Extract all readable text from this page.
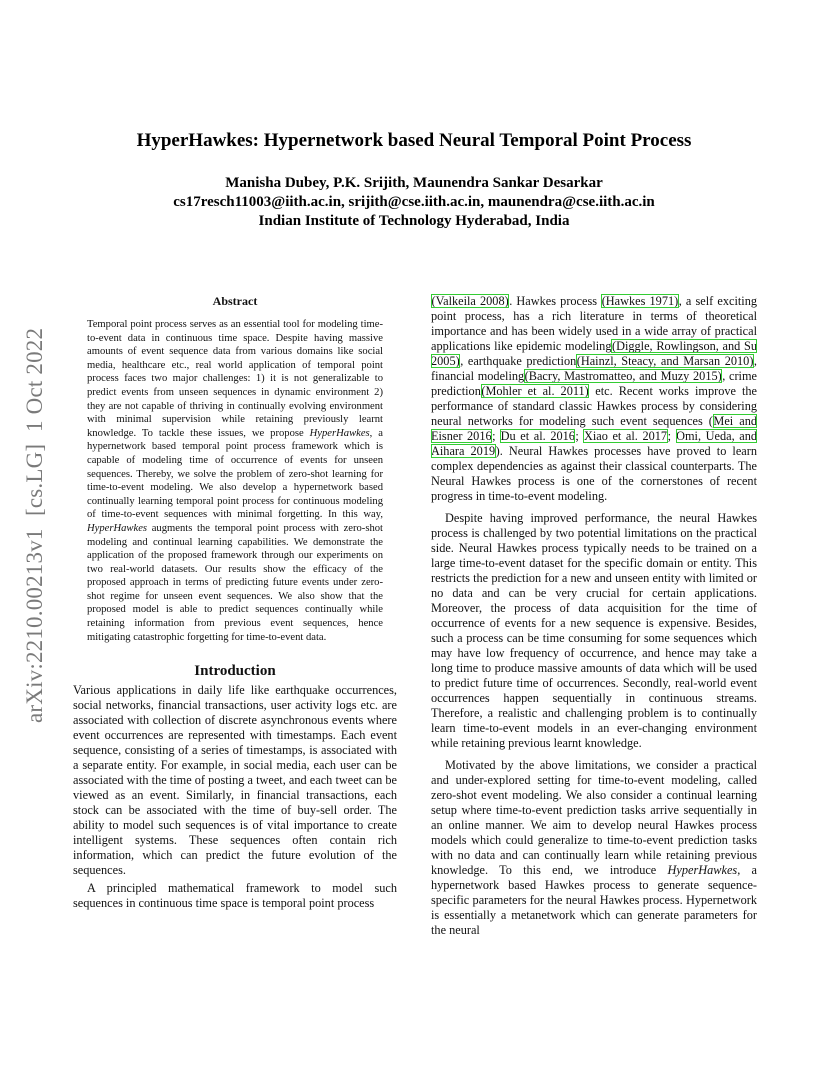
arXiv:2210.00213v1
[cs.LG]
1 Oct 2022
HyperHawkes: Hypernetwork based Neural Temporal Point Process
Manisha Dubey, P.K. Srijith, Maunendra Sankar Desarkar
cs17resch11003@iith.ac.in, srijith@cse.iith.ac.in, maunendra@cse.iith.ac.in
Indian Institute of Technology Hyderabad, India
Abstract
Temporal point process serves as an essential tool for modeling time-to-event data in continuous time space. Despite having massive amounts of event sequence data from various domains like social media, healthcare etc., real world application of temporal point process faces two major challenges: 1) it is not generalizable to predict events from unseen sequences in dynamic environment 2) they are not capable of thriving in continually evolving environment with minimal supervision while retaining previously learnt knowledge. To tackle these issues, we propose HyperHawkes, a hypernetwork based temporal point process framework which is capable of modeling time of occurrence of events for unseen sequences. Thereby, we solve the problem of zero-shot learning for time-to-event modeling. We also develop a hypernetwork based continually learning temporal point process for continuous modeling of time-to-event sequences with minimal forgetting. In this way, HyperHawkes augments the temporal point process with zero-shot modeling and continual learning capabilities. We demonstrate the application of the proposed framework through our experiments on two real-world datasets. Our results show the efficacy of the proposed approach in terms of predicting future events under zero-shot regime for unseen event sequences. We also show that the proposed model is able to predict sequences continually while retaining information from previous event sequences, hence mitigating catastrophic forgetting for time-to-event data.
Introduction

Various applications in daily life like earthquake occurrences, social networks, financial transactions, user activity logs etc. are associated with collection of discrete asynchronous events where event occurrences are represented with timestamps. Each event sequence, consisting of a series of timestamps, is associated with a separate entity. For example, in social media, each user can be associated with the time of posting a tweet, and each tweet can be viewed as an event. Similarly, in financial transactions, each stock can be associated with the time of buy-sell order. The ability to model such sequences is of vital importance to create intelligent systems. These sequences often contain rich information, which can predict the future evolution of the sequences.

A principled mathematical framework to model such sequences in continuous time space is temporal point process

(Valkeila 2008). Hawkes process (Hawkes 1971), a self exciting point process, has a rich literature in terms of theoretical importance and has been widely used in a wide array of practical applications like epidemic modeling(Diggle, Rowlingson, and Su 2005), earthquake prediction(Hainzl, Steacy, and Marsan 2010), financial modeling(Bacry, Mastromatteo, and Muzy 2015), crime prediction(Mohler et al. 2011) etc. Recent works improve the performance of standard classic Hawkes process by considering neural networks for modeling such event sequences (Mei and Eisner 2016; Du et al. 2016; Xiao et al. 2017; Omi, Ueda, and Aihara 2019). Neural Hawkes processes have proved to learn complex dependencies as against their classical counterparts. The Neural Hawkes process is one of the cornerstones of recent progress in time-to-event modeling.

Despite having improved performance, the neural Hawkes process is challenged by two potential limitations on the practical side. Neural Hawkes process typically needs to be trained on a large time-to-event dataset for the specific domain or entity. This restricts the prediction for a new and unseen entity with limited or no data and can be very crucial for certain applications. Moreover, the process of data acquisition for the time of occurrence of events for a new sequence is expensive. Besides, such a process can be time consuming for some sequences which may have low frequency of occurrence, and hence may take a long time to produce massive amounts of data which will be used to predict future time of occurrences. Secondly, real-world event occurrences happen sequentially in continuous streams. Therefore, a realistic and challenging problem is to continually learn time-to-event models in an ever-changing environment while retaining previous learnt knowledge.

Motivated by the above limitations, we consider a practical and under-explored setting for time-to-event modeling, called zero-shot event modeling. We also consider a continual learning setup where time-to-event prediction tasks arrive sequentially in an online manner. We aim to develop neural Hawkes process models which could generalize to time-to-event prediction tasks with no data and can continually learn while retaining previous knowledge. To this end, we introduce HyperHawkes, a hypernetwork based Hawkes process to generate sequence-specific parameters for the neural Hawkes process. Hypernetwork is essentially a metanetwork which can generate parameters for the neural
